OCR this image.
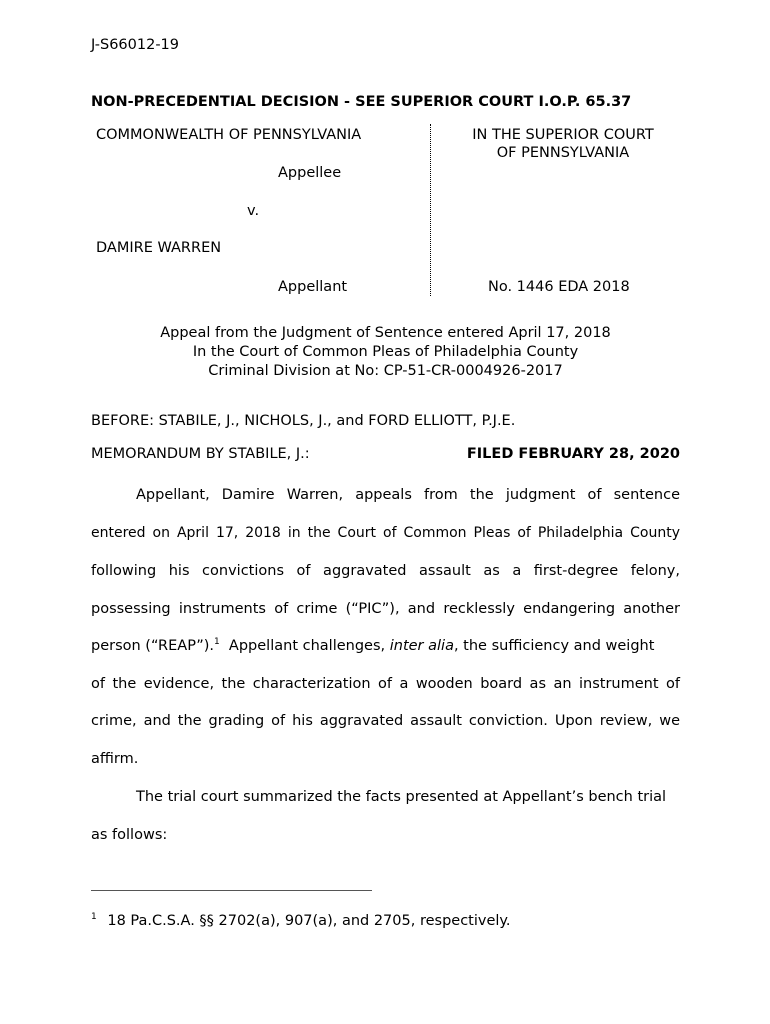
J-S66012-19
NON-PRECEDENTIAL DECISION - SEE SUPERIOR COURT I.O.P. 65.37
COMMONWEALTH OF PENNSYLVANIA
Appellee
v.
DAMIRE WARREN
Appellant
IN THE SUPERIOR COURT
OF PENNSYLVANIA
No. 1446 EDA 2018
Appeal from the Judgment of Sentence entered April 17, 2018
In the Court of Common Pleas of Philadelphia County
Criminal Division at No: CP-51-CR-0004926-2017
BEFORE: STABILE, J., NICHOLS, J., and FORD ELLIOTT, P.J.E.
MEMORANDUM BY STABILE, J.:	FILED FEBRUARY 28, 2020
Appellant, Damire Warren, appeals from the judgment of sentence
entered on April 17, 2018 in the Court of Common Pleas of Philadelphia County
following his convictions of aggravated assault as a first-degree felony,
possessing instruments of crime (“PIC”), and recklessly endangering another
person (“REAP”).$^1$  Appellant challenges, inter alia, the sufficiency and weight
of the evidence, the characterization of a wooden board as an instrument of
crime, and the grading of his aggravated assault conviction. Upon review, we
affirm.
The trial court summarized the facts presented at Appellant’s bench trial
as follows:
$^1$ 18 Pa.C.S.A. §§ 2702(a), 907(a), and 2705, respectively.
